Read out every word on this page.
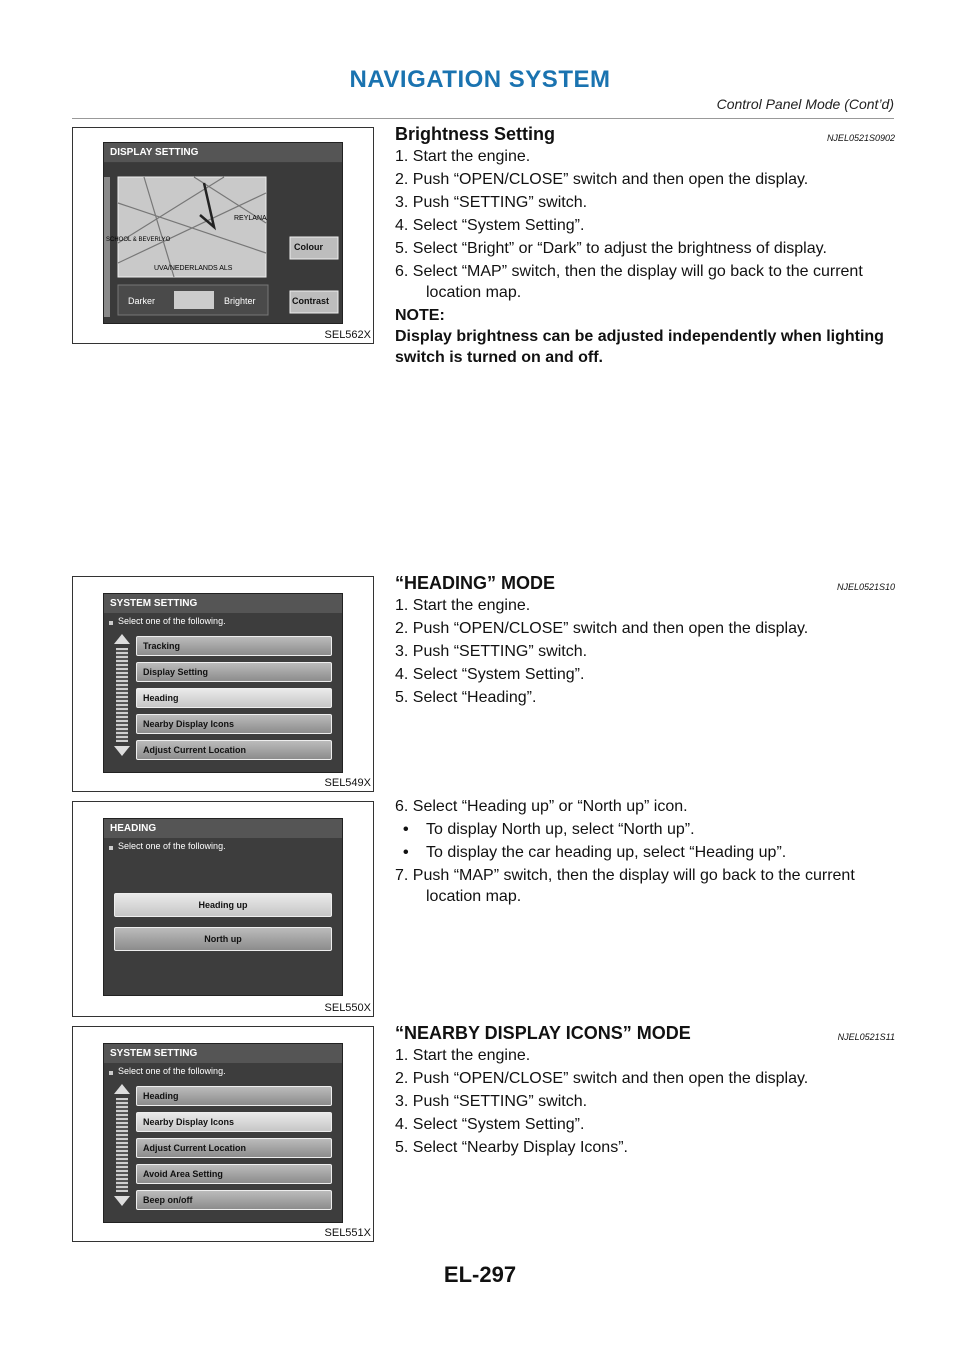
NAVIGATION SYSTEM
Control Panel Mode (Cont’d)
DISPLAY SETTING
REYLANA
UVA/NEDERLANDS ALS
SCHOOL & BEVERLYO
Colour
Contrast
Darker	Brighter
SEL562X
SYSTEM SETTING
Select one of the following.
Tracking
Display Setting
Heading
Nearby Display Icons
Adjust Current Location
SEL549X
HEADING
Select one of the following.
Heading up
North up
SEL550X
SYSTEM SETTING
Select one of the following.
Heading
Nearby Display Icons
Adjust Current Location
Avoid Area Setting
Beep on/off
SEL551X
Brightness Setting	NJEL0521S0902
1. Start the engine.
2. Push “OPEN/CLOSE” switch and then open the display.
3. Push “SETTING” switch.
4. Select “System Setting”.
5. Select “Bright” or “Dark” to adjust the brightness of display.
6. Select “MAP” switch, then the display will go back to the current location map.
NOTE:
Display brightness can be adjusted independently when lighting switch is turned on and off.
“HEADING” MODE	NJEL0521S10
1. Start the engine.
2. Push “OPEN/CLOSE” switch and then open the display.
3. Push “SETTING” switch.
4. Select “System Setting”.
5. Select “Heading”.
6. Select “Heading up” or “North up” icon.
• To display North up, select “North up”.
• To display the car heading up, select “Heading up”.
7. Push “MAP” switch, then the display will go back to the current location map.
“NEARBY DISPLAY ICONS” MODE	NJEL0521S11
1. Start the engine.
2. Push “OPEN/CLOSE” switch and then open the display.
3. Push “SETTING” switch.
4. Select “System Setting”.
5. Select “Nearby Display Icons”.
EL-297
